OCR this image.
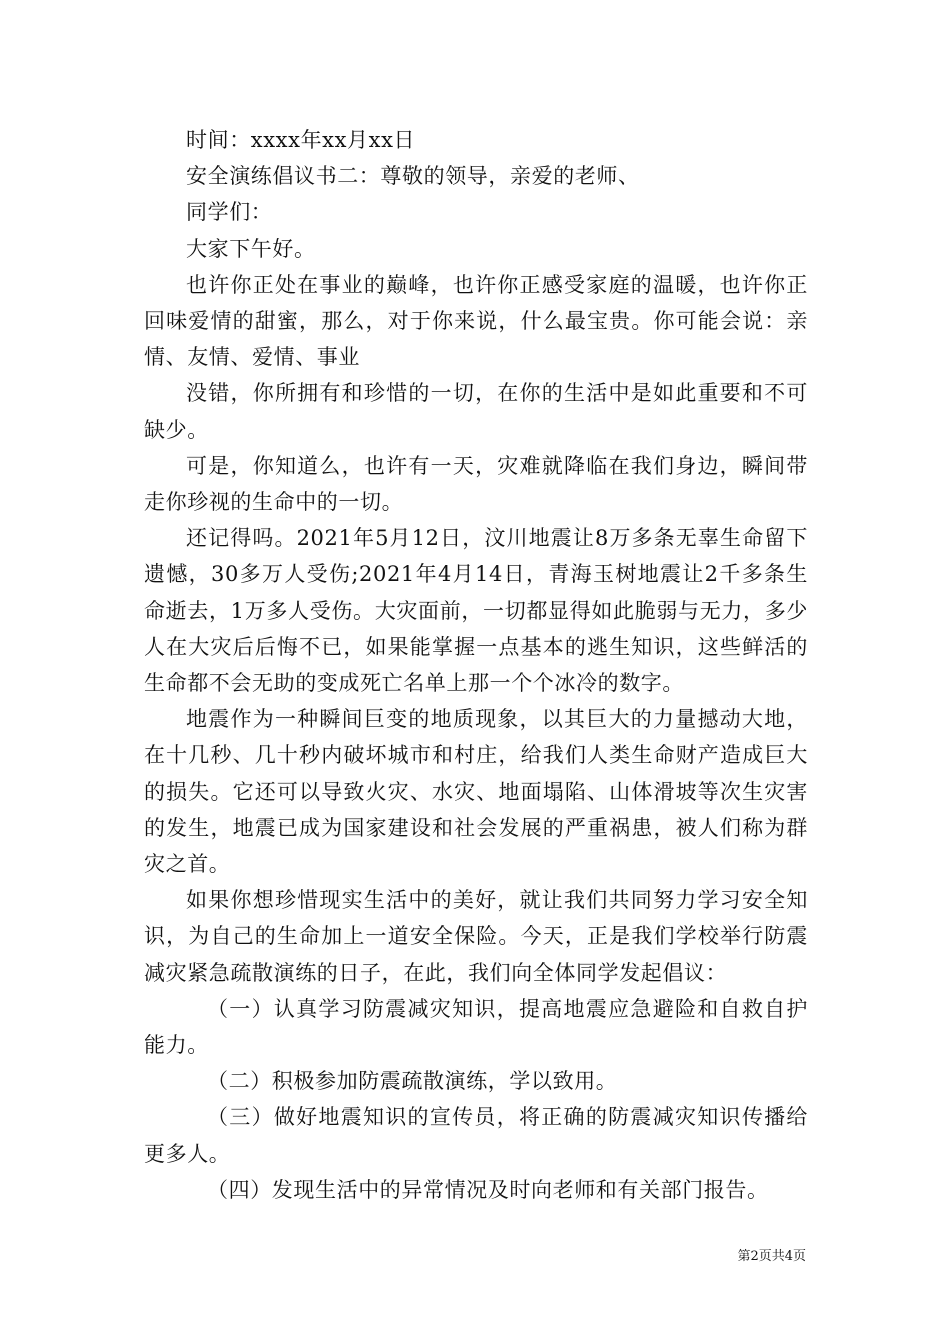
时间：xxxx年xx月xx日

安全演练倡议书二：尊敬的领导，亲爱的老师、

同学们：

大家下午好。

也许你正处在事业的巅峰，也许你正感受家庭的温暖，也许你正回味爱情的甜蜜，那么，对于你来说，什么最宝贵。你可能会说：亲情、友情、爱情、事业

没错，你所拥有和珍惜的一切，在你的生活中是如此重要和不可缺少。

可是，你知道么，也许有一天，灾难就降临在我们身边，瞬间带走你珍视的生命中的一切。

还记得吗。2021年5月12日，汶川地震让8万多条无辜生命留下遗憾，30多万人受伤;2021年4月14日，青海玉树地震让2千多条生命逝去，1万多人受伤。大灾面前，一切都显得如此脆弱与无力，多少人在大灾后后悔不已，如果能掌握一点基本的逃生知识，这些鲜活的生命都不会无助的变成死亡名单上那一个个冰冷的数字。

地震作为一种瞬间巨变的地质现象，以其巨大的力量撼动大地，在十几秒、几十秒内破坏城市和村庄，给我们人类生命财产造成巨大的损失。它还可以导致火灾、水灾、地面塌陷、山体滑坡等次生灾害的发生，地震已成为国家建设和社会发展的严重祸患，被人们称为群灾之首。

如果你想珍惜现实生活中的美好，就让我们共同努力学习安全知识，为自己的生命加上一道安全保险。今天，正是我们学校举行防震减灾紧急疏散演练的日子，在此，我们向全体同学发起倡议：

（一）认真学习防震减灾知识，提高地震应急避险和自救自护能力。

（二）积极参加防震疏散演练，学以致用。

（三）做好地震知识的宣传员，将正确的防震减灾知识传播给更多人。

（四）发现生活中的异常情况及时向老师和有关部门报告。

第2页共4页
